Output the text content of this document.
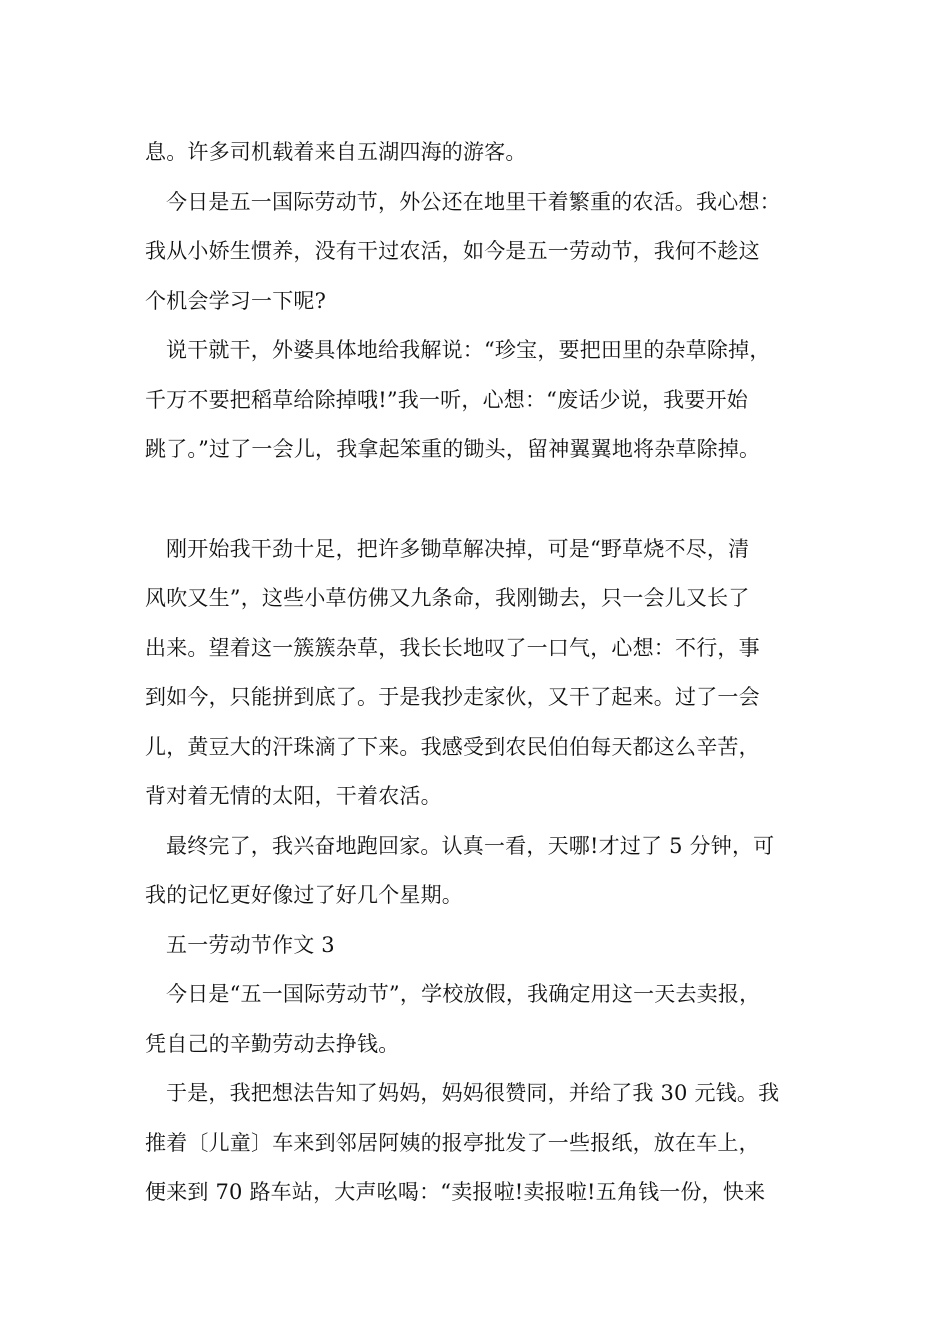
息。许多司机载着来自五湖四海的游客。
今日是五一国际劳动节，外公还在地里干着繁重的农活。我心想：
我从小娇生惯养，没有干过农活，如今是五一劳动节，我何不趁这
个机会学习一下呢?
说干就干，外婆具体地给我解说：“珍宝，要把田里的杂草除掉，
千万不要把稻草给除掉哦!”我一听，心想：“废话少说，我要开始
跳了。”过了一会儿，我拿起笨重的锄头，留神翼翼地将杂草除掉。
刚开始我干劲十足，把许多锄草解决掉，可是“野草烧不尽，清
风吹又生”，这些小草仿佛又九条命，我刚锄去，只一会儿又长了
出来。望着这一簇簇杂草，我长长地叹了一口气，心想：不行，事
到如今，只能拼到底了。于是我抄走家伙，又干了起来。过了一会
儿，黄豆大的汗珠滴了下来。我感受到农民伯伯每天都这么辛苦，
背对着无情的太阳，干着农活。
最终完了，我兴奋地跑回家。认真一看，天哪!才过了 5 分钟，可
我的记忆更好像过了好几个星期。
五一劳动节作文 3
今日是“五一国际劳动节”，学校放假，我确定用这一天去卖报，
凭自己的辛勤劳动去挣钱。
于是，我把想法告知了妈妈，妈妈很赞同，并给了我 30 元钱。我
推着〔儿童〕车来到邻居阿姨的报亭批发了一些报纸，放在车上，
便来到 70 路车站，大声吆喝：“卖报啦!卖报啦!五角钱一份，快来
